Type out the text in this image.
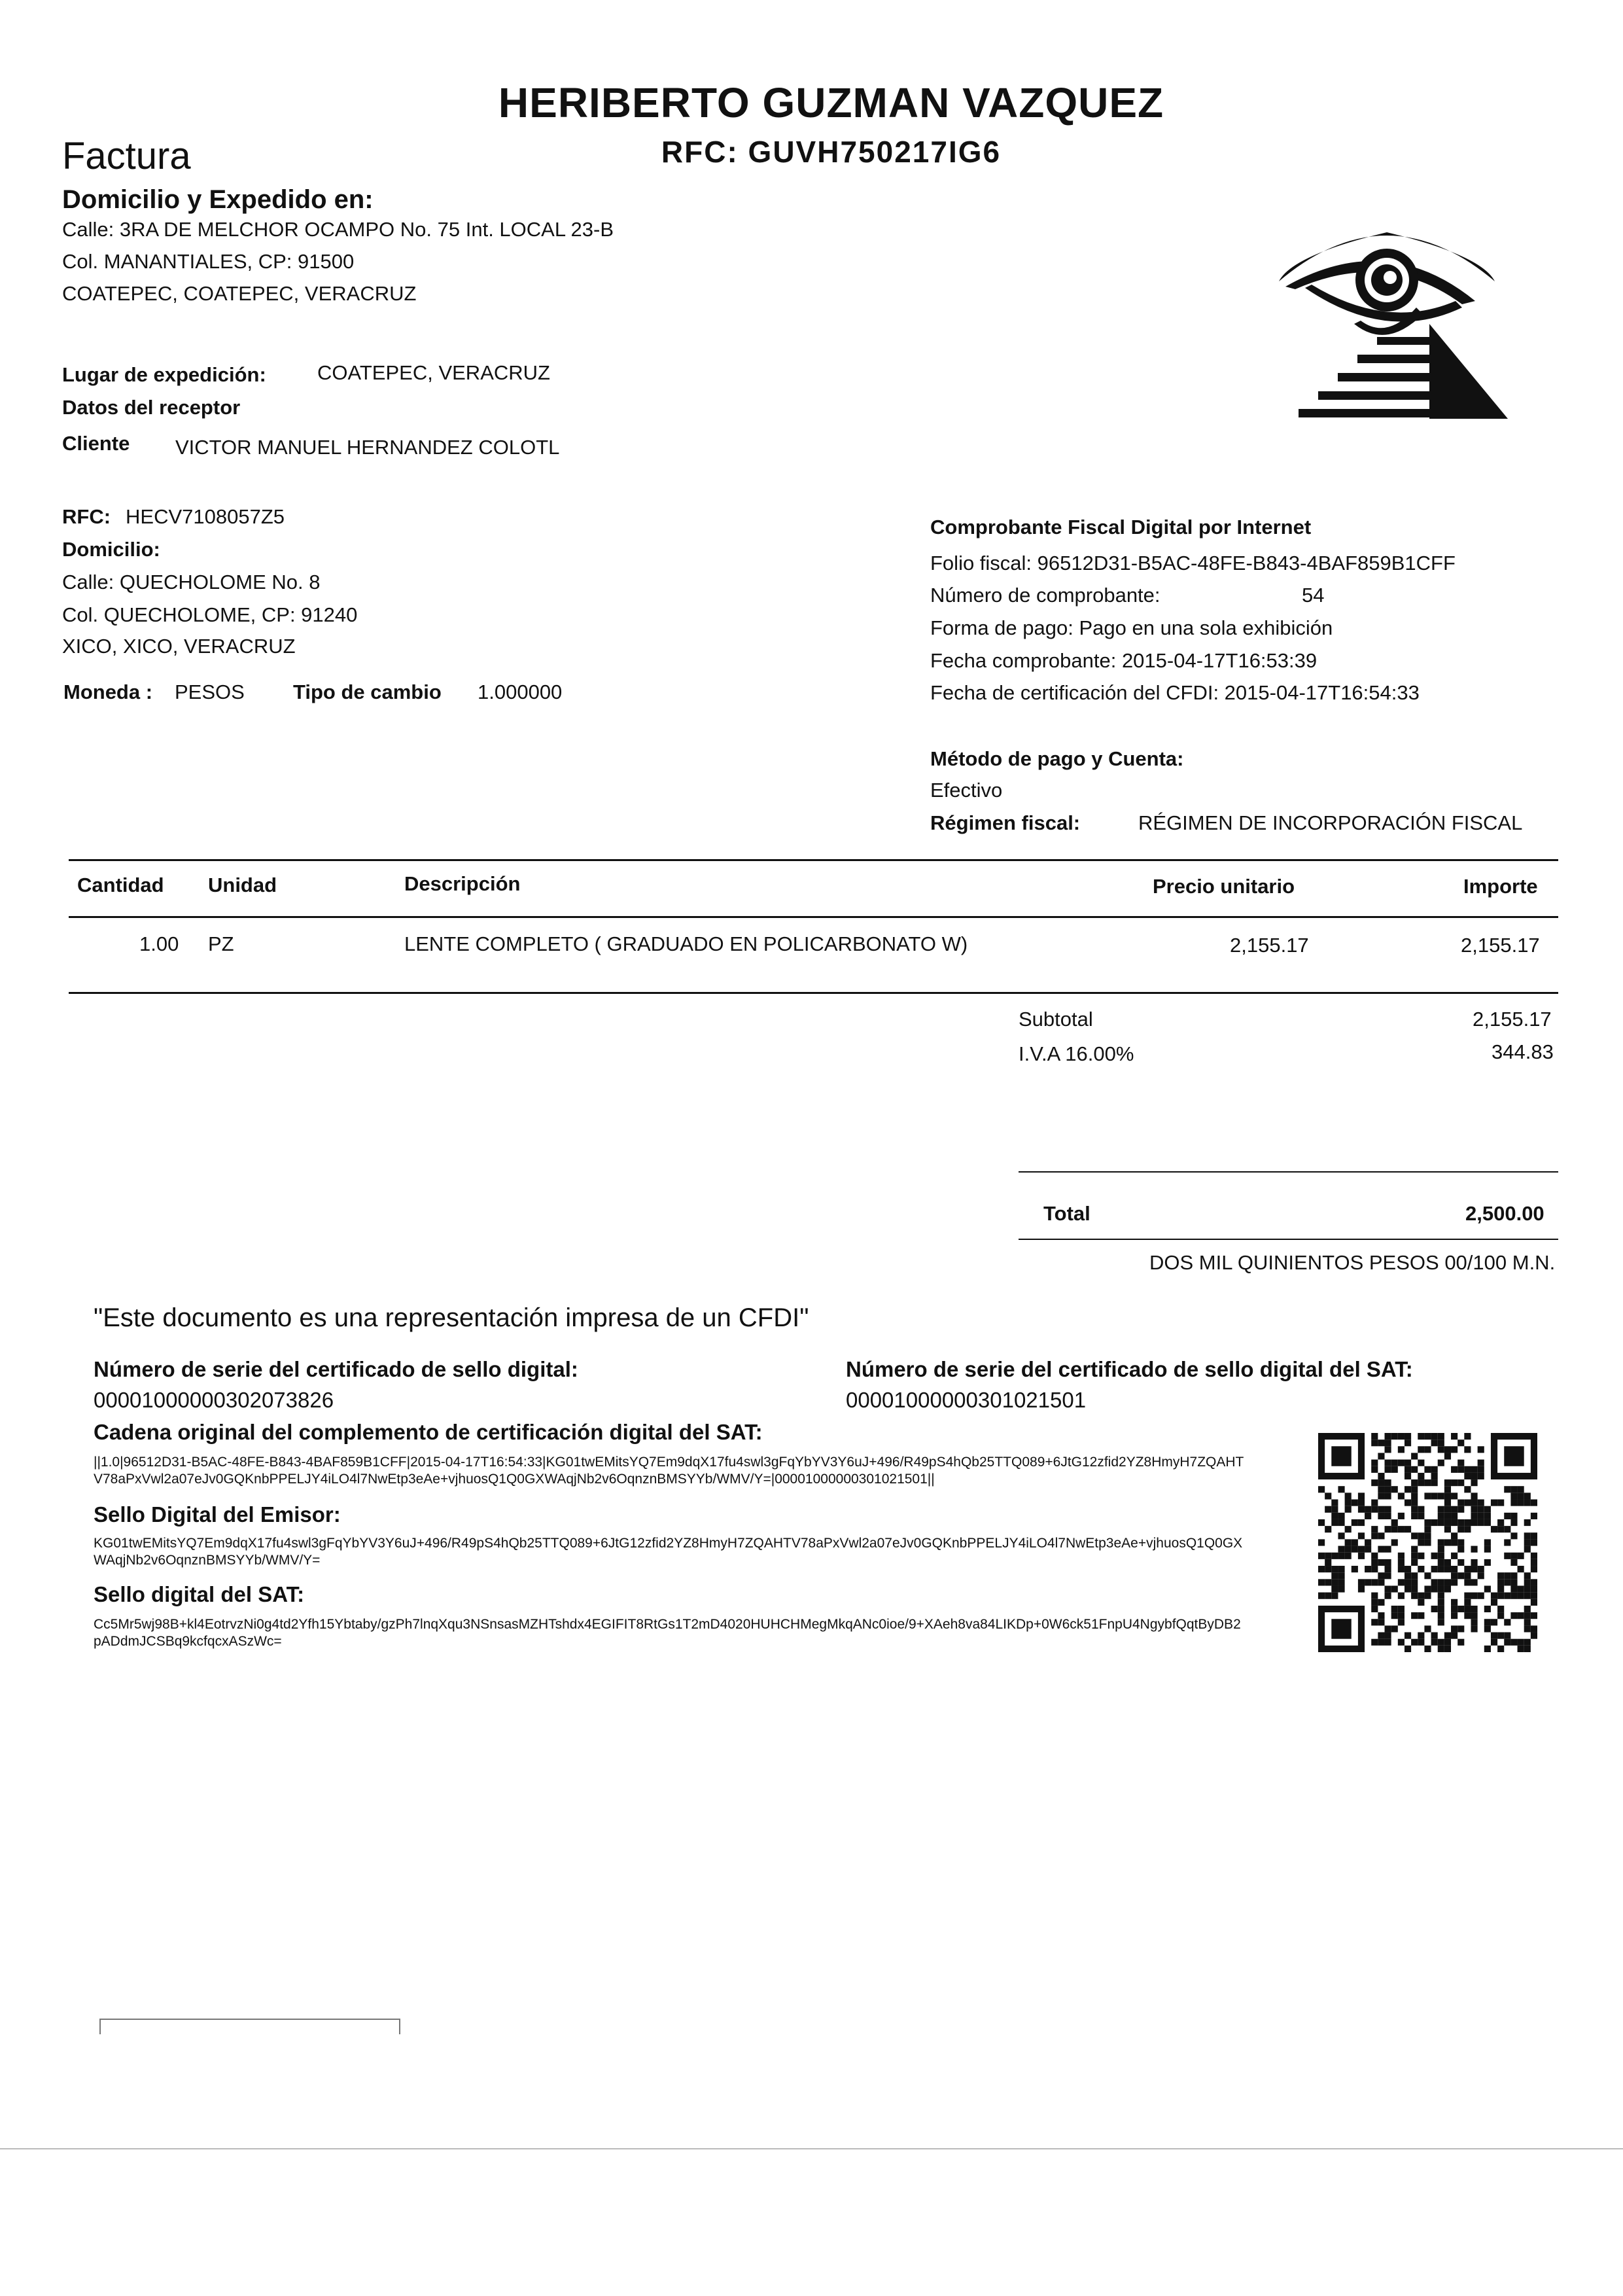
HERIBERTO GUZMAN VAZQUEZ
RFC: GUVH750217IG6
Factura
Domicilio y Expedido en:
Calle: 3RA DE MELCHOR OCAMPO No. 75 Int. LOCAL 23-B
Col. MANANTIALES, CP: 91500
COATEPEC, COATEPEC, VERACRUZ
Lugar de expedición:	COATEPEC, VERACRUZ
Datos del receptor
Cliente VICTOR MANUEL HERNANDEZ COLOTL
RFC: HECV7108057Z5
Domicilio:
Calle: QUECHOLOME No. 8
Col. QUECHOLOME, CP: 91240
XICO, XICO, VERACRUZ
Moneda : PESOS Tipo de cambio 1.000000
Comprobante Fiscal Digital por Internet
Folio fiscal: 96512D31-B5AC-48FE-B843-4BAF859B1CFF
Número de comprobante:	54
Forma de pago: Pago en una sola exhibición
Fecha comprobante: 2015-04-17T16:53:39
Fecha de certificación del CFDI: 2015-04-17T16:54:33
Método de pago y Cuenta:
Efectivo
Régimen fiscal:	RÉGIMEN DE INCORPORACIÓN FISCAL
Cantidad Unidad	Descripción	Precio unitario	Importe
1.00 PZ	LENTE COMPLETO ( GRADUADO EN POLICARBONATO W)	2,155.17	2,155.17
Subtotal	2,155.17
I.V.A 16.00%	344.83
Total	2,500.00
DOS MIL QUINIENTOS PESOS 00/100 M.N.
"Este documento es una representación impresa de un CFDI"
Número de serie del certificado de sello digital:
00001000000302073826
Número de serie del certificado de sello digital del SAT:
00001000000301021501
Cadena original del complemento de certificación digital del SAT:
||1.0|96512D31-B5AC-48FE-B843-4BAF859B1CFF|2015-04-17T16:54:33|KG01twEMitsYQ7Em9dqX17fu4swl3gFqYbYV3Y6uJ+496/R49pS4hQb25TTQ089+6JtG12zfid2YZ8HmyH7ZQAHTV78aPxVwl2a07eJv0GQKnbPPELJY4iLO4l7NwEtp3eAe+vjhuosQ1Q0GXWAqjNb2v6OqnznBMSYYb/WMV/Y=|00001000000301021501||
Sello Digital del Emisor:
KG01twEMitsYQ7Em9dqX17fu4swl3gFqYbYV3Y6uJ+496/R49pS4hQb25TTQ089+6JtG12zfid2YZ8HmyH7ZQAHTV78aPxVwl2a07eJv0GQKnbPPELJY4iLO4l7NwEtp3eAe+vjhuosQ1Q0GXWAqjNb2v6OqnznBMSYYb/WMV/Y=
Sello digital del SAT:
Cc5Mr5wj98B+kl4EotrvzNi0g4td2Yfh15Ybtaby/gzPh7lnqXqu3NSnsasMZHTshdx4EGIFIT8RtGs1T2mD4020HUHCHMegMkqANc0ioe/9+XAeh8va84LIKDp+0W6ck51FnpU4NgybfQqtByDB2pADdmJCSBq9kcfqcxASzWc=
